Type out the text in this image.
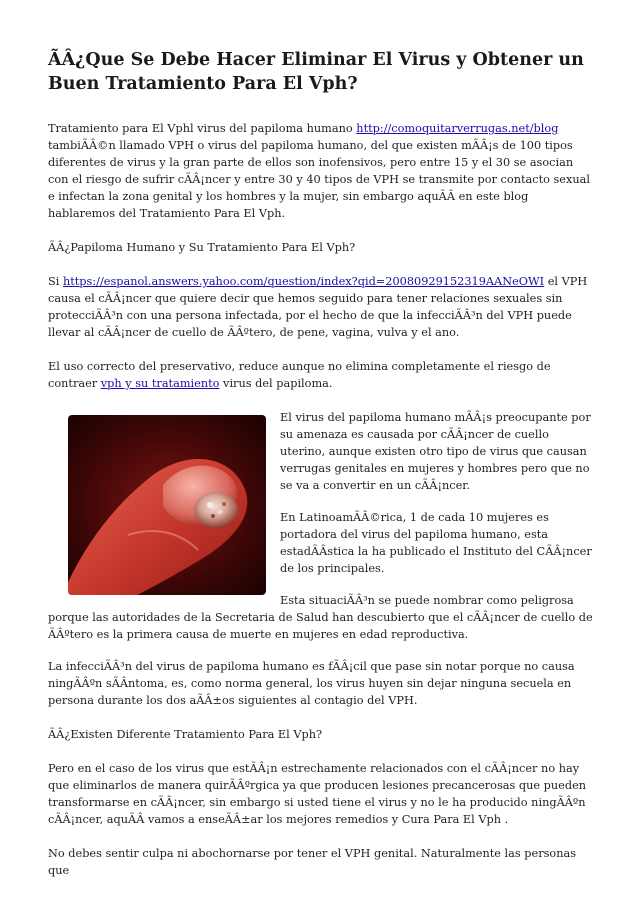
ÃÂ¿Que Se Debe Hacer Eliminar El Virus y Obtener un Buen Tratamiento Para El Vph?

Tratamiento para El Vphl virus del papiloma humano http://comoquitarverrugas.net/blog tambiÃÂ©n llamado VPH o virus del papiloma humano, del que existen mÃÂ¡s de 100 tipos diferentes de virus y la gran parte de ellos son inofensivos, pero entre 15 y el 30 se asocian con el riesgo de sufrir cÃÂ¡ncer y entre 30 y 40 tipos de VPH se transmite por contacto sexual e infectan la zona genital y los hombres y la mujer, sin embargo aquÃÂ en este blog hablaremos del Tratamiento Para El Vph.

ÃÂ¿Papiloma Humano y Su Tratamiento Para El Vph?

Si https://espanol.answers.yahoo.com/question/index?qid=20080929152319AANeOWI el VPH causa el cÃÂ¡ncer que quiere decir que hemos seguido para tener relaciones sexuales sin protecciÃÂ³n con una persona infectada, por el hecho de que la infecciÃÂ³n del VPH puede llevar al cÃÂ¡ncer de cuello de ÃÂºtero, de pene, vagina, vulva y el ano.

El uso correcto del preservativo, reduce aunque no elimina completamente el riesgo de contraer vph y su tratamiento virus del papiloma.

El virus del papiloma humano mÃÂ¡s preocupante por su amenaza es causada por cÃÂ¡ncer de cuello uterino, aunque existen otro tipo de virus que causan verrugas genitales en mujeres y hombres pero que no se va a convertir en un cÃÂ¡ncer.

En LatinoamÃÂ©rica, 1 de cada 10 mujeres es portadora del virus del papiloma humano, esta estadÃÂstica la ha publicado el Instituto del CÃÂ¡ncer de los principales.

Esta situaciÃÂ³n se puede nombrar como peligrosa porque las autoridades de la Secretaria de Salud han descubierto que el cÃÂ¡ncer de cuello de ÃÂºtero es la primera causa de muerte en mujeres en edad reproductiva.

La infecciÃÂ³n del virus de papiloma humano es fÃÂ¡cil que pase sin notar porque no causa ningÃÂºn sÃÂntoma, es, como norma general, los virus huyen sin dejar ninguna secuela en persona durante los dos aÃÂ±os siguientes al contagio del VPH.

ÃÂ¿Existen Diferente Tratamiento Para El Vph?

Pero en el caso de los virus que estÃÂ¡n estrechamente relacionados con el cÃÂ¡ncer no hay que eliminarlos de manera quirÃÂºrgica ya que producen lesiones precancerosas que pueden transformarse en cÃÂ¡ncer, sin embargo si usted tiene el virus y no le ha producido ningÃÂºn cÃÂ¡ncer, aquÃÂ vamos a enseÃÂ±ar los mejores remedios y Cura Para El Vph .

No debes sentir culpa ni abochornarse por tener el VPH genital. Naturalmente las personas que
